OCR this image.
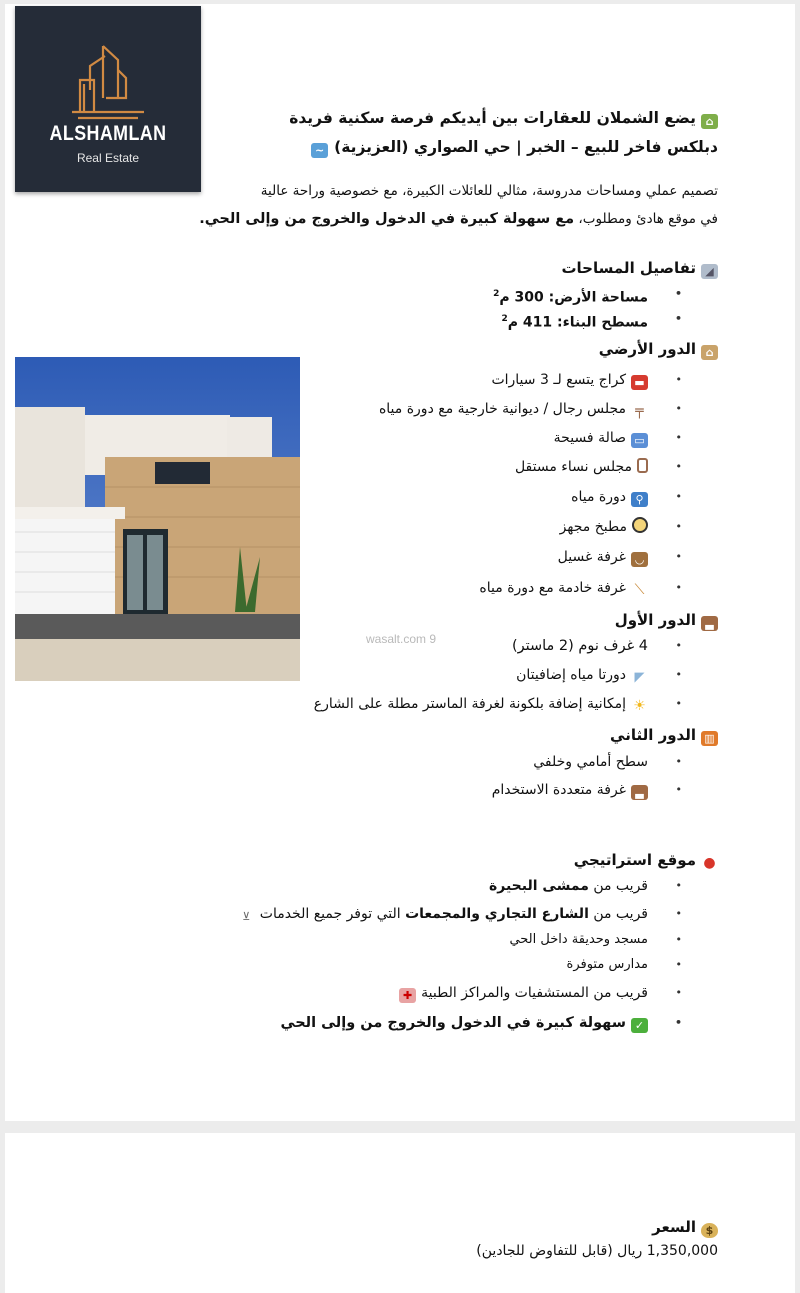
ALSHAMLAN
Real Estate
wasalt.com 9
⌂يضع الشملان للعقارات بين أيديكم فرصة سكنية فريدة
دبلكس فاخر للبيع – الخبر | حي الصواري (العزيزية)~
تصميم عملي ومساحات مدروسة، مثالي للعائلات الكبيرة، مع خصوصية وراحة عالية
في موقع هادئ ومطلوب، مع سهولة كبيرة في الدخول والخروج من وإلى الحي.
◢تفاصيل المساحات
مساحة الأرض: 300 م$^2$ •
مسطح البناء: 411 م$^2$ •
⌂الدور الأرضي
▬كراج يتسع لـ 3 سيارات •
╤مجلس رجال / ديوانية خارجية مع دورة مياه •
▭صالة فسيحة •
مجلس نساء مستقل •
⚲دورة مياه •
مطبخ مجهز •
◡غرفة غسيل •
⟋غرفة خادمة مع دورة مياه •
▃الدور الأول
4 غرف نوم (2 ماستر) •
◤دورتا مياه إضافيتان •
☀إمكانية إضافة بلكونة لغرفة الماستر مطلة على الشارع •
▥الدور الثاني
سطح أمامي وخلفي •
▃غرفة متعددة الاستخدام •
●موقع استراتيجي
قريب من ممشى البحيرة •
قريب من الشارع التجاري والمجمعات التي توفر جميع الخدمات⊻ •
مسجد وحديقة داخل الحي •
مدارس متوفرة •
قريب من المستشفيات والمراكز الطبية✚ •
✓سهولة كبيرة في الدخول والخروج من وإلى الحي •
$السعر
1,350,000 ريال (قابل للتفاوض للجادين)
